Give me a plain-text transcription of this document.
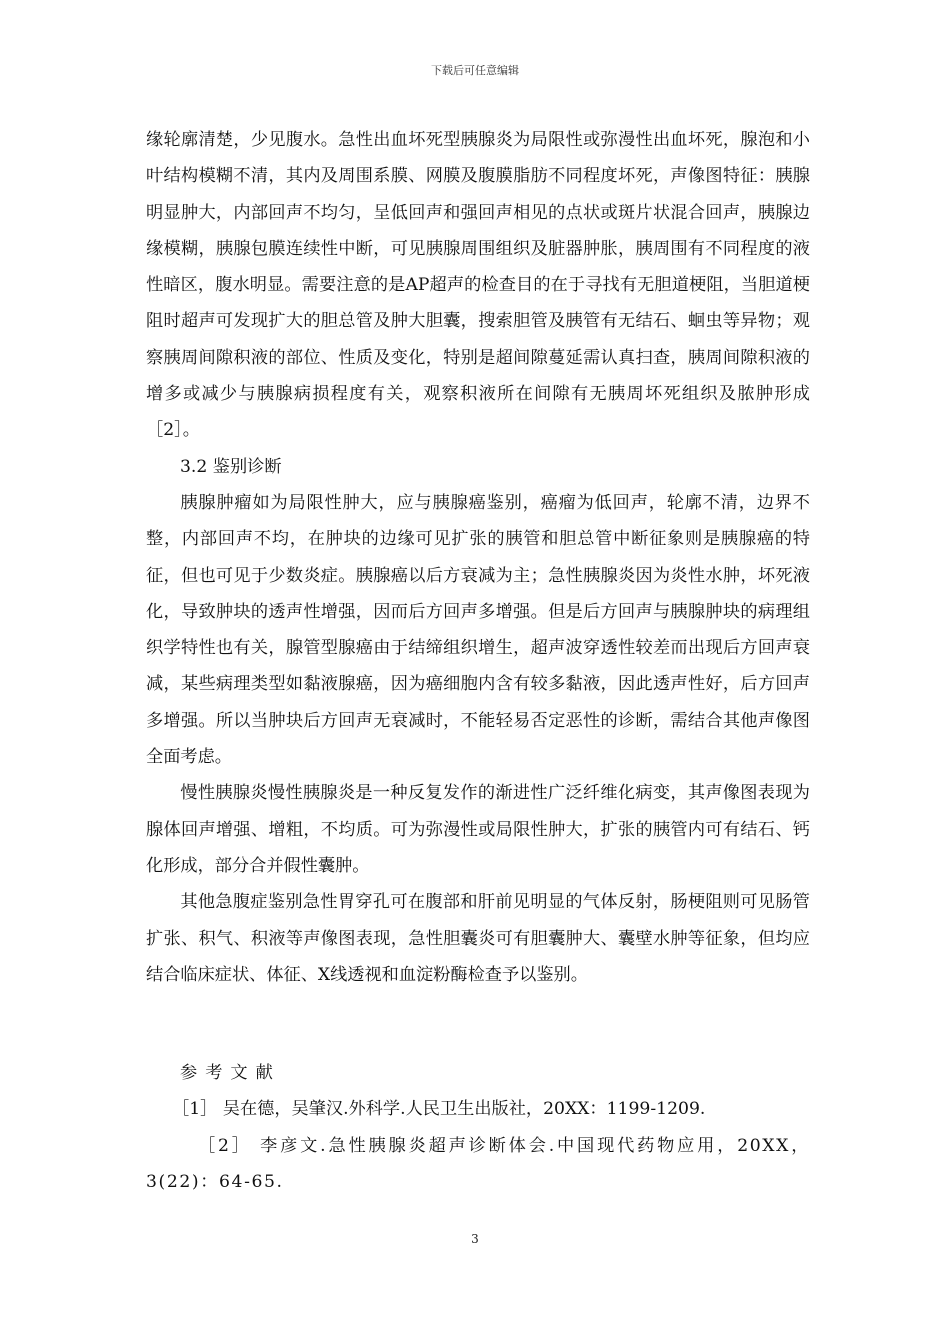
下载后可任意编辑

缘轮廓清楚，少见腹水。急性出血坏死型胰腺炎为局限性或弥漫性出血坏死，腺泡和小叶结构模糊不清，其内及周围系膜、网膜及腹膜脂肪不同程度坏死，声像图特征：胰腺明显肿大，内部回声不均匀，呈低回声和强回声相见的点状或斑片状混合回声，胰腺边缘模糊，胰腺包膜连续性中断，可见胰腺周围组织及脏器肿胀，胰周围有不同程度的液性暗区，腹水明显。需要注意的是AP超声的检查目的在于寻找有无胆道梗阻，当胆道梗阻时超声可发现扩大的胆总管及肿大胆囊，搜索胆管及胰管有无结石、蛔虫等异物；观察胰周间隙积液的部位、性质及变化，特别是超间隙蔓延需认真扫查，胰周间隙积液的增多或减少与胰腺病损程度有关，观察积液所在间隙有无胰周坏死组织及脓肿形成［2］。

3.2 鉴别诊断

胰腺肿瘤如为局限性肿大，应与胰腺癌鉴别，癌瘤为低回声，轮廓不清，边界不整，内部回声不均，在肿块的边缘可见扩张的胰管和胆总管中断征象则是胰腺癌的特征，但也可见于少数炎症。胰腺癌以后方衰减为主；急性胰腺炎因为炎性水肿，坏死液化，导致肿块的透声性增强，因而后方回声多增强。但是后方回声与胰腺肿块的病理组织学特性也有关，腺管型腺癌由于结缔组织增生，超声波穿透性较差而出现后方回声衰减，某些病理类型如黏液腺癌，因为癌细胞内含有较多黏液，因此透声性好，后方回声多增强。所以当肿块后方回声无衰减时，不能轻易否定恶性的诊断，需结合其他声像图全面考虑。

慢性胰腺炎慢性胰腺炎是一种反复发作的渐进性广泛纤维化病变，其声像图表现为腺体回声增强、增粗，不均质。可为弥漫性或局限性肿大，扩张的胰管内可有结石、钙化形成，部分合并假性囊肿。

其他急腹症鉴别急性胃穿孔可在腹部和肝前见明显的气体反射，肠梗阻则可见肠管扩张、积气、积液等声像图表现，急性胆囊炎可有胆囊肿大、囊壁水肿等征象，但均应结合临床症状、体征、X线透视和血淀粉酶检查予以鉴别。

参考文献

［1］ 吴在德，吴肇汉.外科学.人民卫生出版社，20XX：1199-1209.

［2］ 李彦文.急性胰腺炎超声诊断体会.中国现代药物应用，20XX，3(22)：64-65.

3
